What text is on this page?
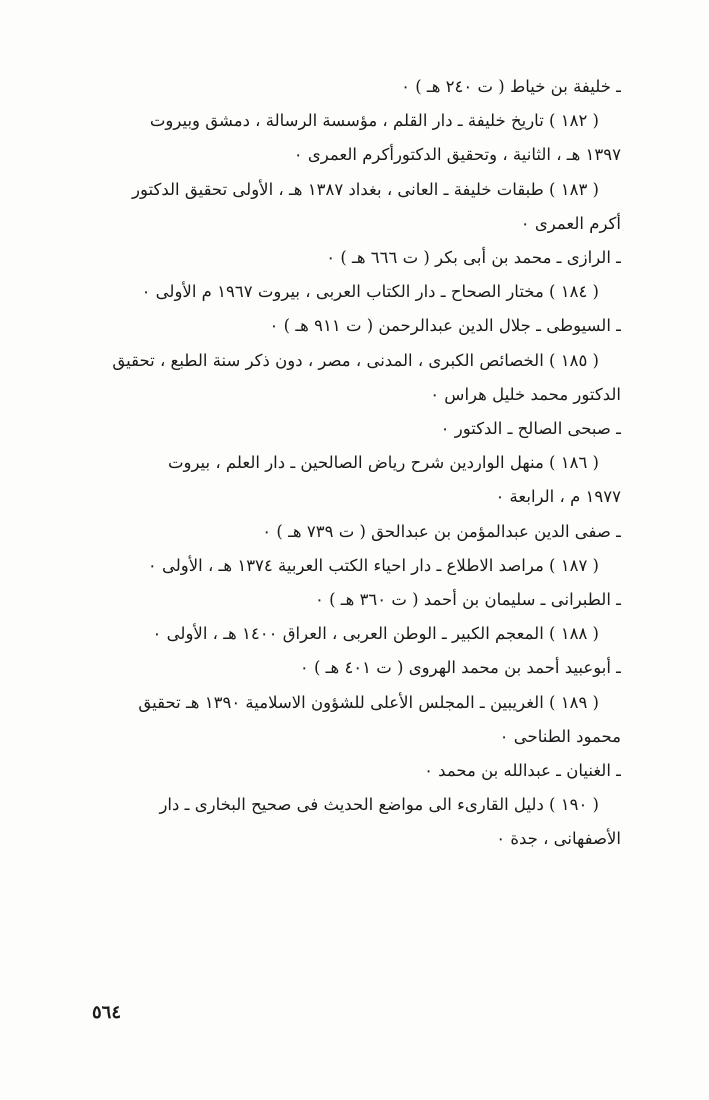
ـ خليفة بن خياط ( ت ٢٤٠ هـ ) ٠

( ١٨٢ ) تاريخ خليفة ـ دار القلم ، مؤسسة الرسالة ، دمشق وبيروت
١٣٩٧ هـ ، الثانية ، وتحقيق الدكتورأكرم العمرى ٠

( ١٨٣ ) طبقات خليفة ـ العانى ، بغداد ١٣٨٧ هـ ، الأولى تحقيق الدكتور
أكرم العمرى ٠

ـ الرازى ـ محمد بن أبى بكر ( ت ٦٦٦ هـ ) ٠

( ١٨٤ ) مختار الصحاح ـ دار الكتاب العربى ، بيروت ١٩٦٧ م الأولى ٠

ـ السيوطى ـ جلال الدين عبدالرحمن ( ت ٩١١ هـ ) ٠

( ١٨٥ ) الخصائص الكبرى ، المدنى ، مصر ، دون ذكر سنة الطبع ، تحقيق
الدكتور محمد خليل هراس ٠

ـ صبحى الصالح ـ الدكتور ٠

( ١٨٦ ) منهل الواردين شرح رياض الصالحين ـ دار العلم ، بيروت
١٩٧٧ م ، الرابعة ٠

ـ صفى الدين عبدالمؤمن بن عبدالحق ( ت ٧٣٩ هـ ) ٠

( ١٨٧ ) مراصد الاطلاع ـ دار احياء الكتب العربية ١٣٧٤ هـ ، الأولى ٠

ـ الطبرانى ـ سليمان بن أحمد ( ت ٣٦٠ هـ ) ٠

( ١٨٨ ) المعجم الكبير ـ الوطن العربى ، العراق ١٤٠٠ هـ ، الأولى ٠

ـ أبوعبيد أحمد بن محمد الهروى ( ت ٤٠١ هـ ) ٠

( ١٨٩ ) الغريبين ـ المجلس الأعلى للشؤون الاسلامية ١٣٩٠ هـ تحقيق
محمود الطناحى ٠

ـ الغنيان ـ عبدالله بن محمد ٠

( ١٩٠ ) دليل القارىء الى مواضع الحديث فى صحيح البخارى ـ دار
الأصفهانى ، جدة ٠

٥٦٤
